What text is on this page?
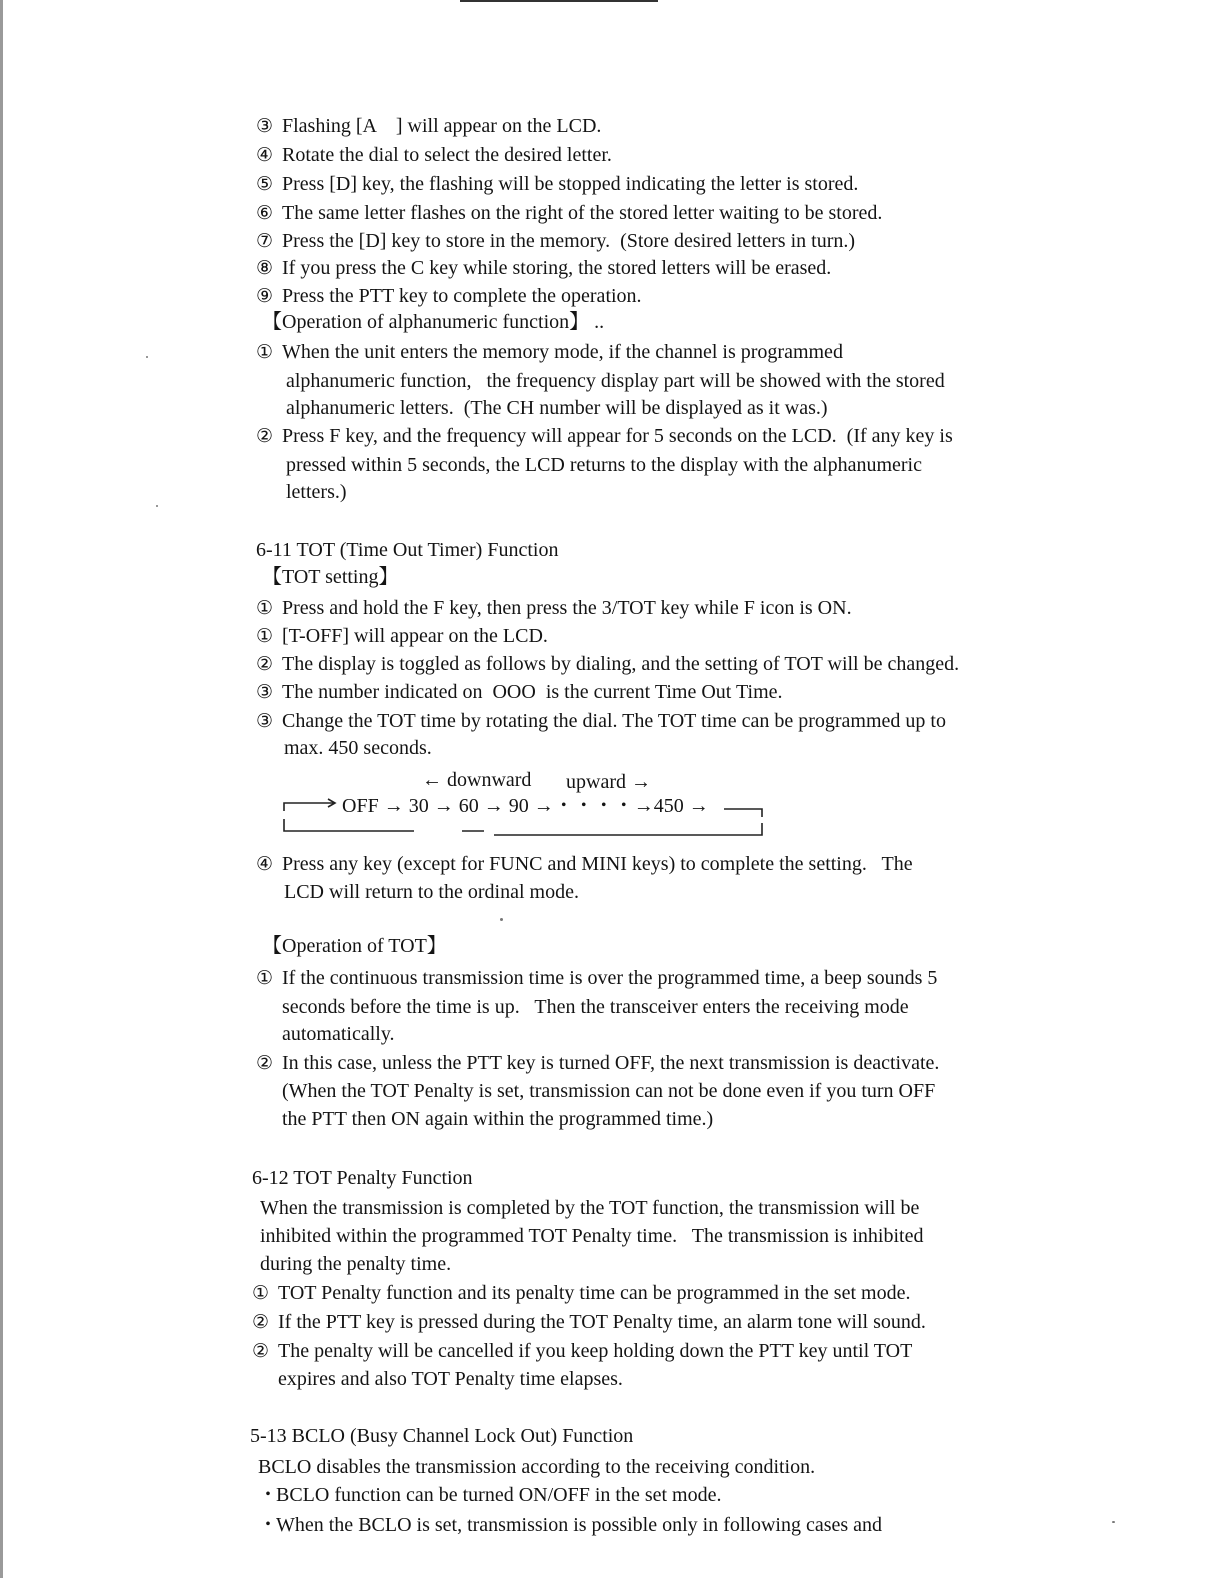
③ Flashing [A    ] will appear on the LCD.
④ Rotate the dial to select the desired letter.
⑤ Press [D] key, the flashing will be stopped indicating the letter is stored.
⑥ The same letter flashes on the right of the stored letter waiting to be stored.
⑦ Press the [D] key to store in the memory.  (Store desired letters in turn.)
⑧ If you press the C key while storing, the stored letters will be erased.
⑨ Press the PTT key to complete the operation.
【Operation of alphanumeric function】 ..
① When the unit enters the memory mode, if the channel is programmed
alphanumeric function,   the frequency display part will be showed with the stored
alphanumeric letters.  (The CH number will be displayed as it was.)
② Press F key, and the frequency will appear for 5 seconds on the LCD.  (If any key is
pressed within 5 seconds, the LCD returns to the display with the alphanumeric
letters.)
6-11 TOT (Time Out Timer) Function
【TOT setting】
① Press and hold the F key, then press the 3/TOT key while F icon is ON.
① [T-OFF] will appear on the LCD.
② The display is toggled as follows by dialing, and the setting of TOT will be changed.
③ The number indicated on  OOO  is the current Time Out Time.
③ Change the TOT time by rotating the dial. The TOT time can be programmed up to
max. 450 seconds.
④ Press any key (except for FUNC and MINI keys) to complete the setting.   The
LCD will return to the ordinal mode.
【Operation of TOT】
① If the continuous transmission time is over the programmed time, a beep sounds 5
seconds before the time is up.   Then the transceiver enters the receiving mode
automatically.
② In this case, unless the PTT key is turned OFF, the next transmission is deactivate.
(When the TOT Penalty is set, transmission can not be done even if you turn OFF
the PTT then ON again within the programmed time.)
6-12 TOT Penalty Function
When the transmission is completed by the TOT function, the transmission will be
inhibited within the programmed TOT Penalty time.   The transmission is inhibited
during the penalty time.
① TOT Penalty function and its penalty time can be programmed in the set mode.
② If the PTT key is pressed during the TOT Penalty time, an alarm tone will sound.
② The penalty will be cancelled if you keep holding down the PTT key until TOT
expires and also TOT Penalty time elapses.
5-13 BCLO (Busy Channel Lock Out) Function
BCLO disables the transmission according to the receiving condition.
・BCLO function can be turned ON/OFF in the set mode.
・When the BCLO is set, transmission is possible only in following cases and
← downward upward →
OFF → 30 → 60 → 90 →・・・・→450 →
